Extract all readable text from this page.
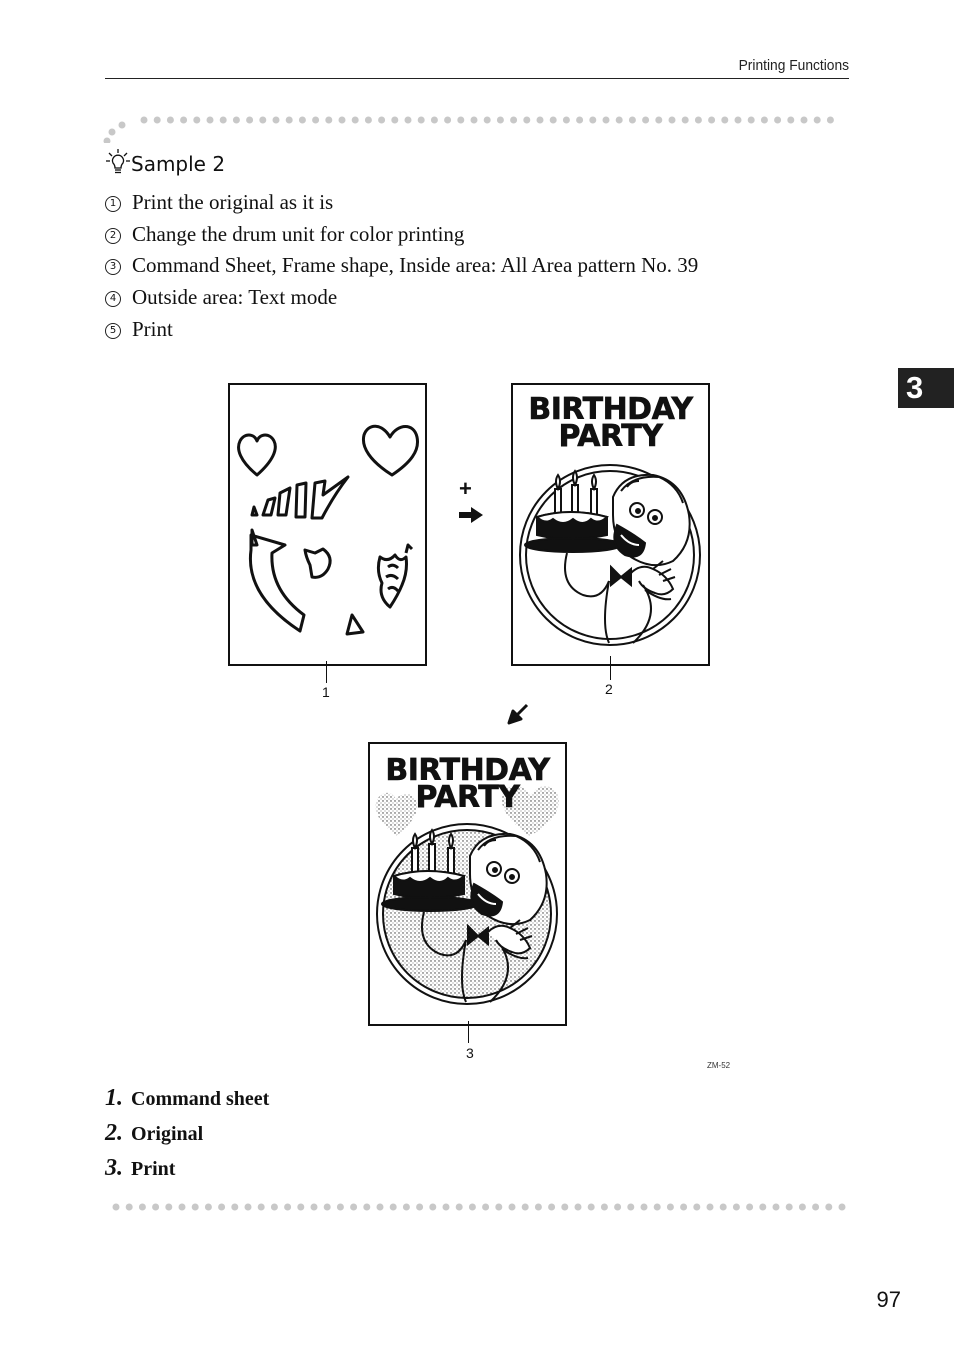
Printing Functions
3
Sample 2
1 Print the original as it is
2 Change the drum unit for color printing
3 Command Sheet, Frame shape, Inside area: All Area pattern No. 39
4 Outside area: Text mode
5 Print
1
+
BIRTHDAY
PARTY
2
BIRTHDAY
PARTY
3
ZM-52
1. Command sheet
2. Original
3. Print
97
